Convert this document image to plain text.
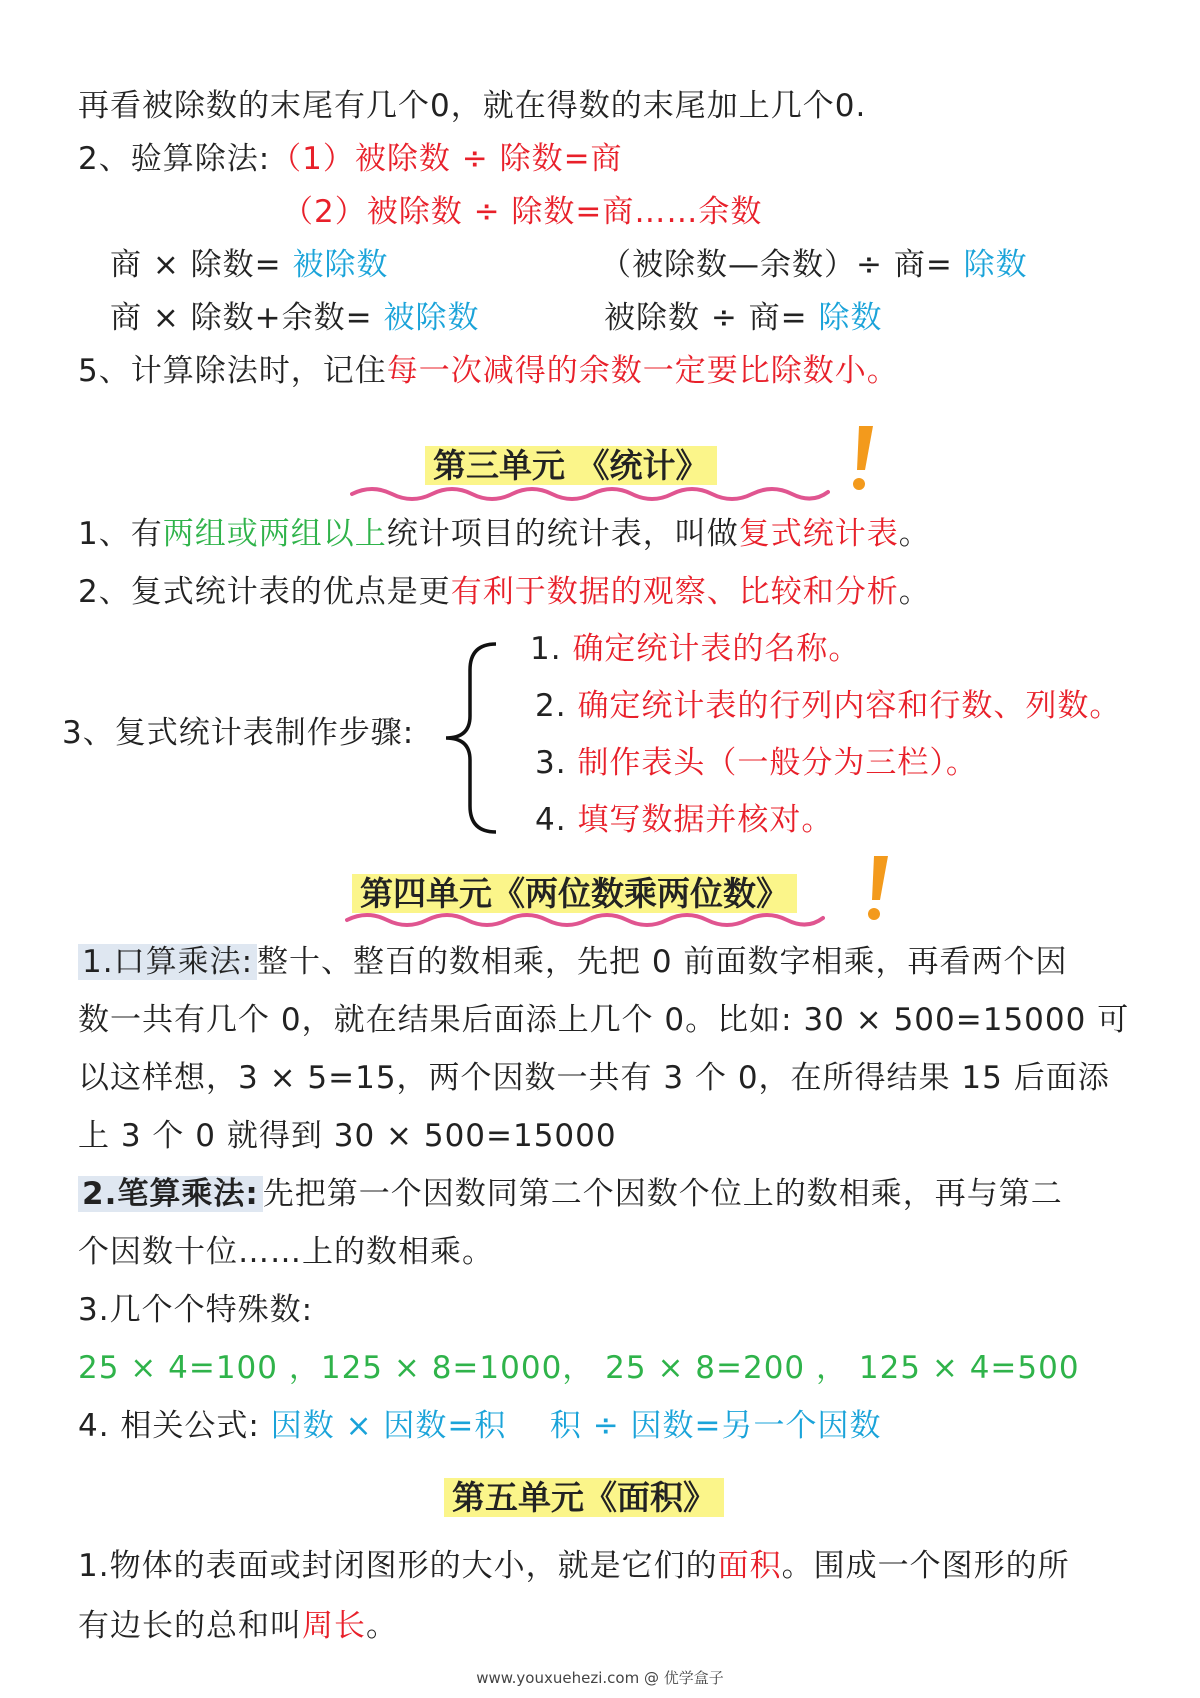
再看被除数的末尾有几个0，就在得数的末尾加上几个0.
2、验算除法:（1）被除数 ÷ 除数=商
（2）被除数 ÷ 除数=商……余数
商 × 除数= 被除数	（被除数—余数）÷ 商= 除数
商 × 除数+余数= 被除数	被除数 ÷ 商= 除数
5、计算除法时，记住每一次减得的余数一定要比除数小。
第三单元 《统计》
1、有两组或两组以上统计项目的统计表，叫做复式统计表。
2、复式统计表的优点是更有利于数据的观察、比较和分析。
3、复式统计表制作步骤:
1. 确定统计表的名称。
2. 确定统计表的行列内容和行数、列数。
3. 制作表头（一般分为三栏）。
4. 填写数据并核对。
第四单元《两位数乘两位数》
1.口算乘法: 整十、整百的数相乘，先把 0 前面数字相乘，再看两个因
数一共有几个 0，就在结果后面添上几个 0。比如: 30 × 500=15000 可
以这样想，3 × 5=15，两个因数一共有 3 个 0，在所得结果 15 后面添
上 3 个 0 就得到 30 × 500=15000
2.笔算乘法: 先把第一个因数同第二个因数个位上的数相乘，再与第二
个因数十位……上的数相乘。
3.几个个特殊数:
25 × 4=100 ，125 × 8=1000， 25 × 8=200 ， 125 × 4=500
4. 相关公式: 因数 × 因数=积 积 ÷ 因数=另一个因数
第五单元《面积》
1.物体的表面或封闭图形的大小，就是它们的面积。围成一个图形的所
有边长的总和叫周长。
www.youxuehezi.com @ 优学盒子
